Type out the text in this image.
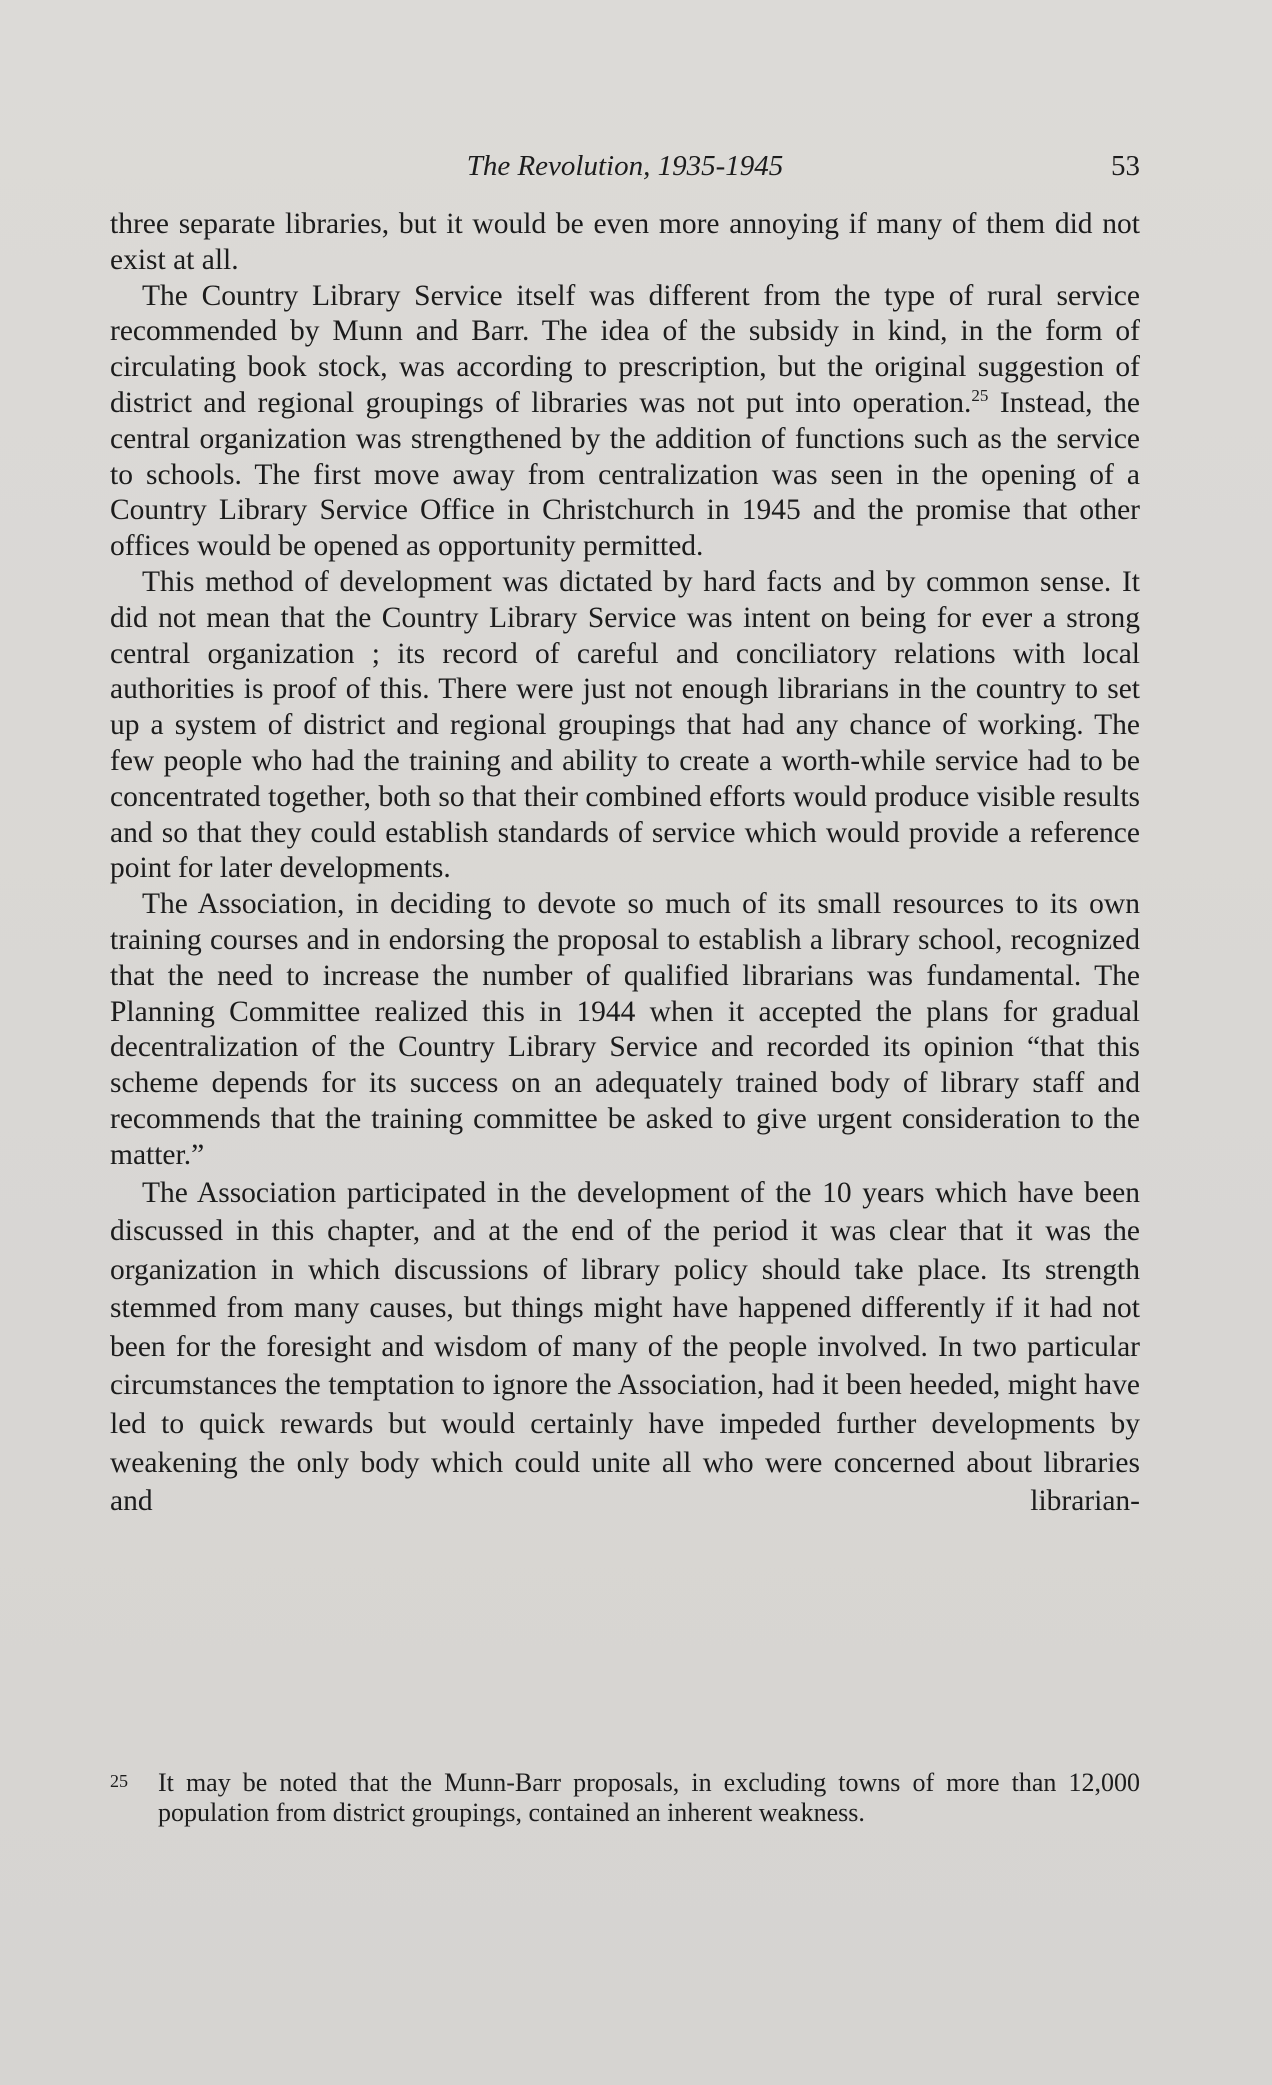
The Revolution, 1935-1945	53

three separate libraries, but it would be even more annoying if many of them did not exist at all.

The Country Library Service itself was different from the type of rural service recommended by Munn and Barr. The idea of the subsidy in kind, in the form of circulating book stock, was according to prescription, but the original suggestion of district and regional groupings of libraries was not put into operation.$^{25}$ Instead, the central organization was strengthened by the addition of functions such as the service to schools. The first move away from centralization was seen in the opening of a Country Library Service Office in Christchurch in 1945 and the promise that other offices would be opened as opportunity permitted.

This method of development was dictated by hard facts and by common sense. It did not mean that the Country Library Service was intent on being for ever a strong central organization ; its record of careful and conciliatory relations with local authorities is proof of this. There were just not enough librarians in the country to set up a system of district and regional groupings that had any chance of working. The few people who had the training and ability to create a worth-while service had to be concentrated together, both so that their combined efforts would produce visible results and so that they could establish standards of service which would provide a reference point for later developments.

The Association, in deciding to devote so much of its small resources to its own training courses and in endorsing the proposal to establish a library school, recognized that the need to increase the number of qualified librarians was fundamental. The Planning Committee realized this in 1944 when it accepted the plans for gradual decentralization of the Country Library Service and recorded its opinion “that this scheme depends for its success on an adequately trained body of library staff and recommends that the training committee be asked to give urgent consideration to the matter.”

The Association participated in the development of the 10 years which have been discussed in this chapter, and at the end of the period it was clear that it was the organization in which discussions of library policy should take place. Its strength stemmed from many causes, but things might have happened differently if it had not been for the foresight and wisdom of many of the people involved. In two particular circumstances the temptation to ignore the Association, had it been heeded, might have led to quick rewards but would certainly have impeded further developments by weakening the only body which could unite all who were concerned about libraries and librarian-

25	It may be noted that the Munn-Barr proposals, in excluding towns of more than 12,000 population from district groupings, contained an inherent weakness.
